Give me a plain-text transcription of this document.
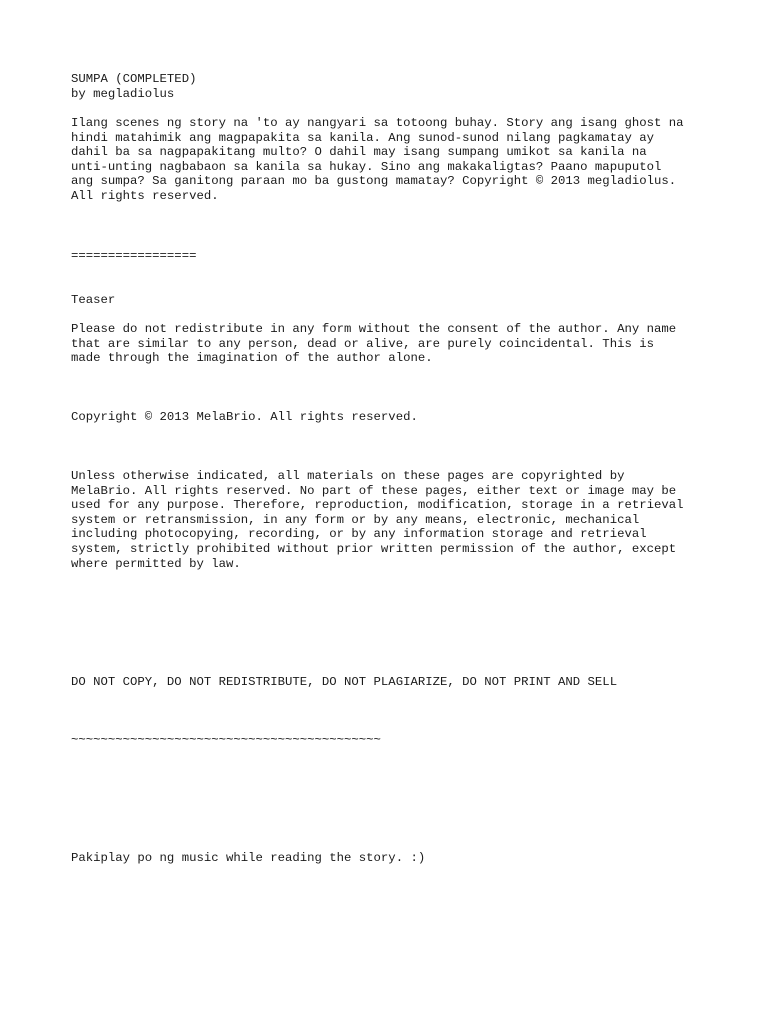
SUMPA (COMPLETED)

by megladiolus

Ilang scenes ng story na 'to ay nangyari sa totoong buhay. Story ang isang ghost na
hindi matahimik ang magpapakita sa kanila. Ang sunod-sunod nilang pagkamatay ay
dahil ba sa nagpapakitang multo? O dahil may isang sumpang umikot sa kanila na
unti-unting nagbabaon sa kanila sa hukay. Sino ang makakaligtas? Paano mapuputol
ang sumpa? Sa ganitong paraan mo ba gustong mamatay? Copyright © 2013 megladiolus.
All rights reserved.

=================

Teaser

Please do not redistribute in any form without the consent of the author. Any name
that are similar to any person, dead or alive, are purely coincidental. This is
made through the imagination of the author alone.

Copyright © 2013 MelaBrio. All rights reserved.

Unless otherwise indicated, all materials on these pages are copyrighted by
MelaBrio. All rights reserved. No part of these pages, either text or image may be
used for any purpose. Therefore, reproduction, modification, storage in a retrieval
system or retransmission, in any form or by any means, electronic, mechanical
including photocopying, recording, or by any information storage and retrieval
system, strictly prohibited without prior written permission of the author, except
where permitted by law.

DO NOT COPY, DO NOT REDISTRIBUTE, DO NOT PLAGIARIZE, DO NOT PRINT AND SELL

~~~~~~~~~~~~~~~~~~~~~~~~~~~~~~~~~~~~~~~~~~

Pakiplay po ng music while reading the story. :)
